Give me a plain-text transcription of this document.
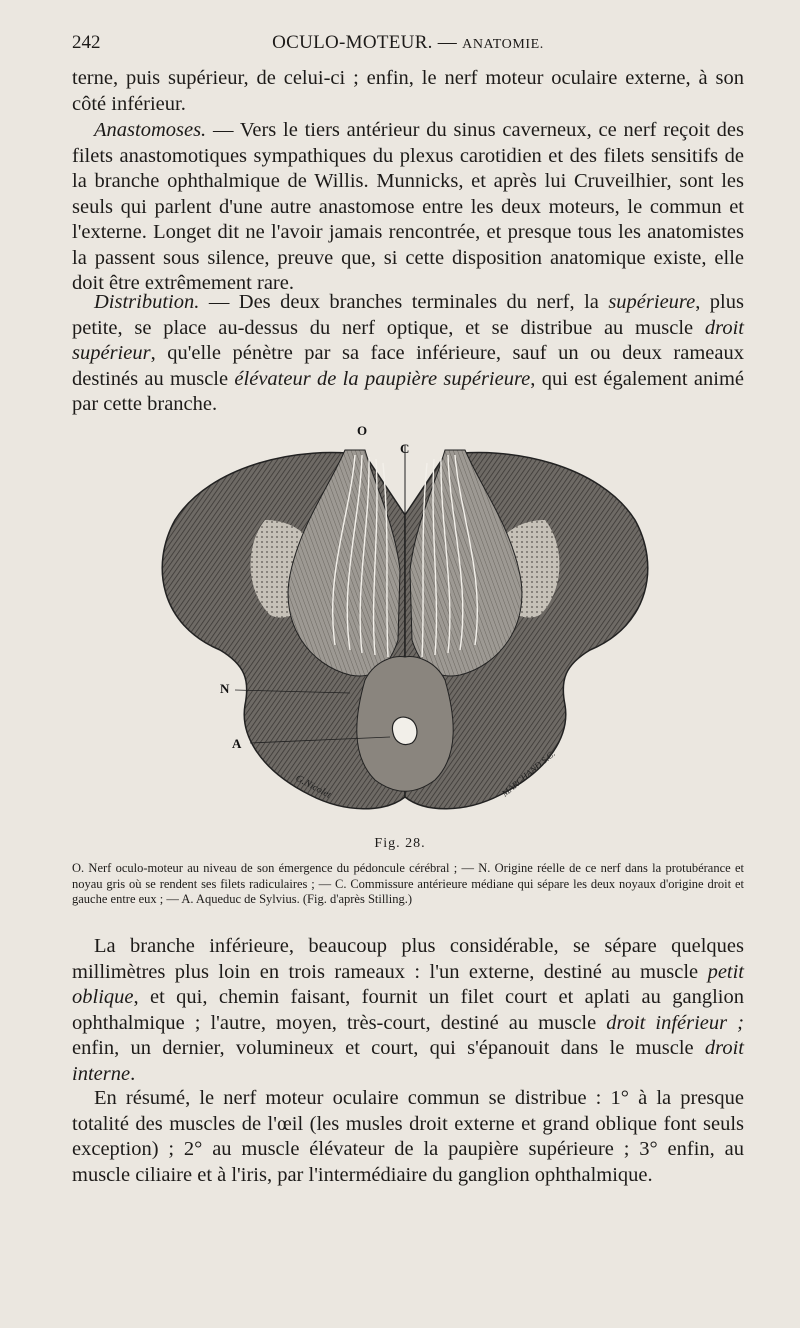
242	OCULO-MOTEUR. — ANATOMIE.

terne, puis supérieur, de celui-ci ; enfin, le nerf moteur oculaire externe, à son côté inférieur.

Anastomoses. — Vers le tiers antérieur du sinus caverneux, ce nerf reçoit des filets anastomotiques sympathiques du plexus carotidien et des filets sensitifs de la branche ophthalmique de Willis. Munnicks, et après lui Cruveilhier, sont les seuls qui parlent d'une autre anastomose entre les deux moteurs, le commun et l'externe. Longet dit ne l'avoir jamais rencontrée, et presque tous les anatomistes la passent sous silence, preuve que, si cette disposition anatomique existe, elle doit être extrêmement rare.

Distribution. — Des deux branches terminales du nerf, la supérieure, plus petite, se place au-dessus du nerf optique, et se distribue au muscle droit supérieur, qu'elle pénètre par sa face inférieure, sauf un ou deux rameaux destinés au muscle élévateur de la paupière supérieure, qui est également animé par cette branche.

O
C
N
A
G.Nicolet	MARCHAND.S.C.
Fig. 28.
O. Nerf oculo-moteur au niveau de son émergence du pédoncule cérébral ; — N. Origine réelle de ce nerf dans la protubérance et noyau gris où se rendent ses filets radiculaires ; — C. Commissure antérieure médiane qui sépare les deux noyaux d'origine droit et gauche entre eux ; — A. Aqueduc de Sylvius. (Fig. d'après Stilling.)

La branche inférieure, beaucoup plus considérable, se sépare quelques millimètres plus loin en trois rameaux : l'un externe, destiné au muscle petit oblique, et qui, chemin faisant, fournit un filet court et aplati au ganglion ophthalmique ; l'autre, moyen, très-court, destiné au muscle droit inférieur ; enfin, un dernier, volumineux et court, qui s'épanouit dans le muscle droit interne.

En résumé, le nerf moteur oculaire commun se distribue : 1° à la presque totalité des muscles de l'œil (les musles droit externe et grand oblique font seuls exception) ; 2° au muscle élévateur de la paupière supérieure ; 3° enfin, au muscle ciliaire et à l'iris, par l'intermédiaire du ganglion ophthalmique.
